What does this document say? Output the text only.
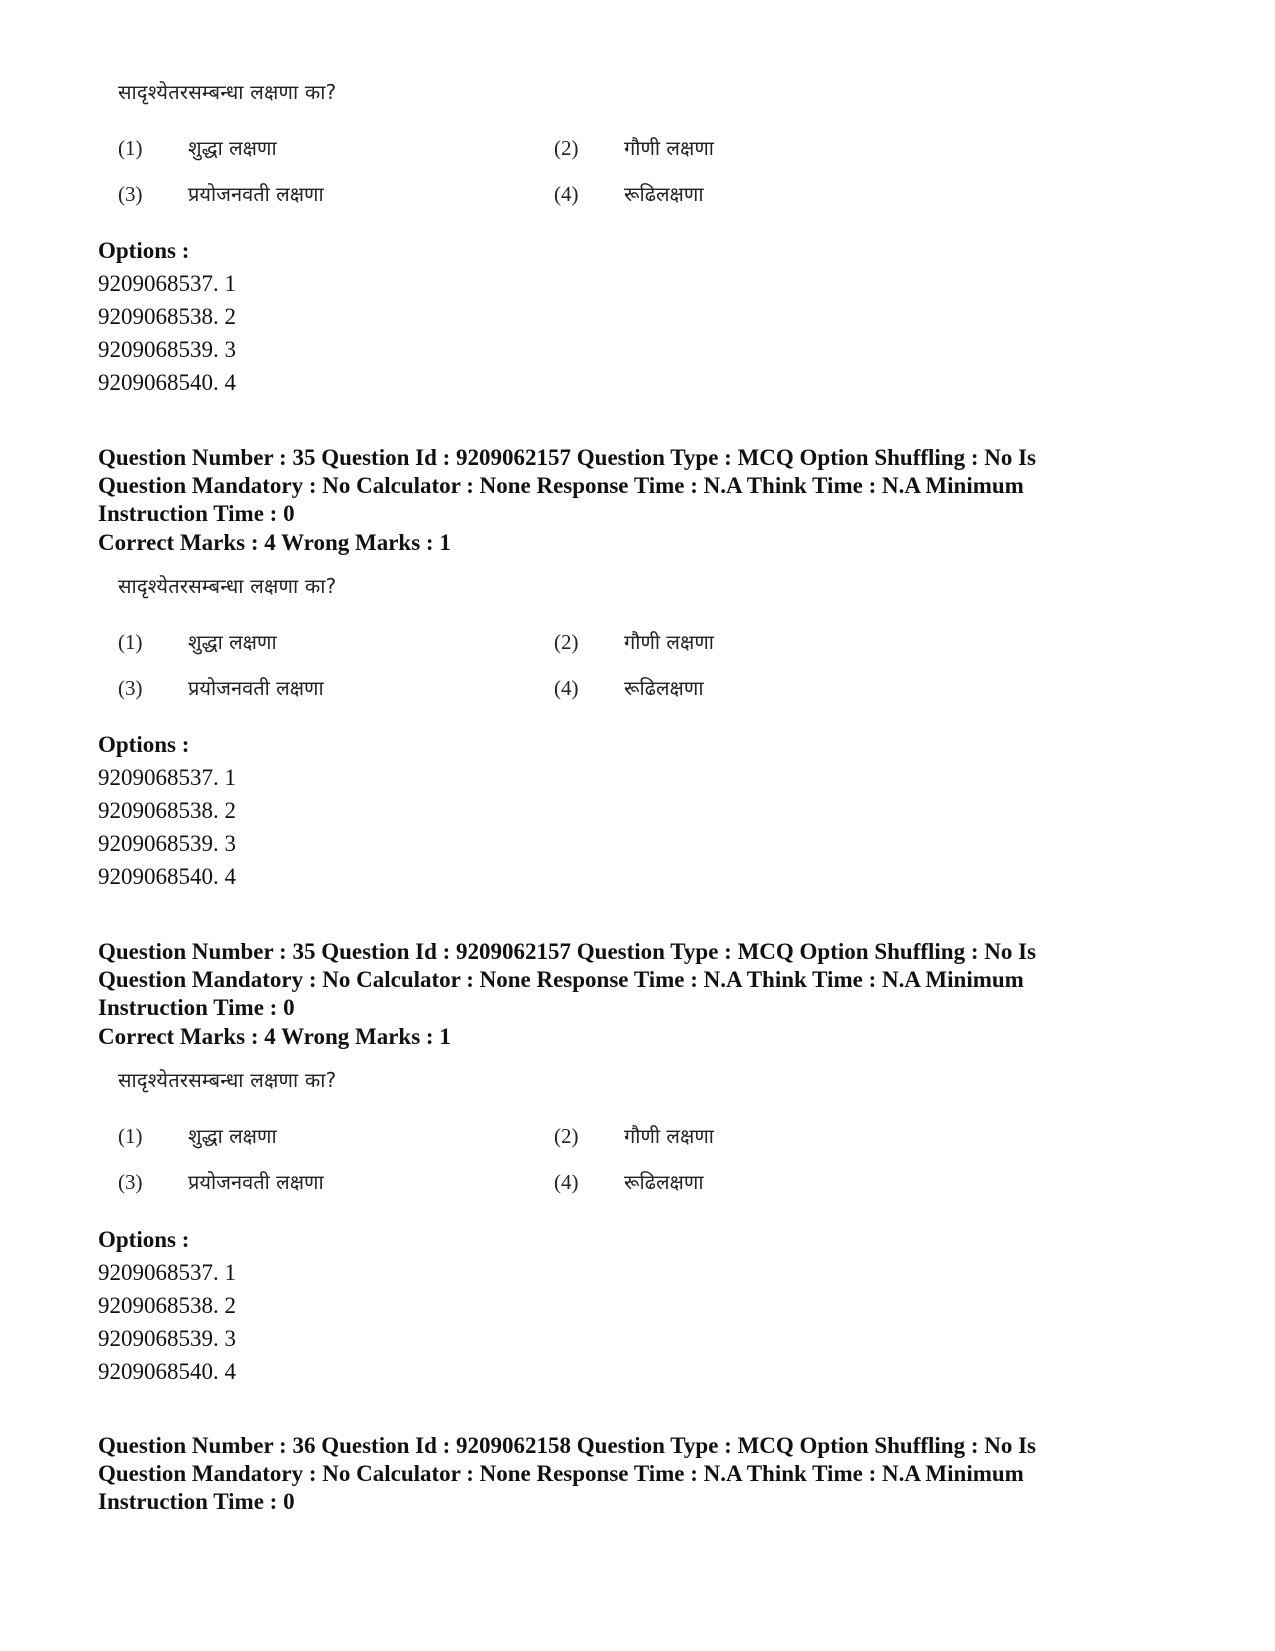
सादृश्येतरसम्बन्धा लक्षणा का?
(1) शुद्धा लक्षणा	(2) गौणी लक्षणा
(3) प्रयोजनवती लक्षणा	(4) रूढिलक्षणा
Options :
9209068537. 1
9209068538. 2
9209068539. 3
9209068540. 4
Question Number : 35 Question Id : 9209062157 Question Type : MCQ Option Shuffling : No Is
Question Mandatory : No Calculator : None Response Time : N.A Think Time : N.A Minimum
Instruction Time : 0
Correct Marks : 4 Wrong Marks : 1
सादृश्येतरसम्बन्धा लक्षणा का?
(1) शुद्धा लक्षणा	(2) गौणी लक्षणा
(3) प्रयोजनवती लक्षणा	(4) रूढिलक्षणा
Options :
9209068537. 1
9209068538. 2
9209068539. 3
9209068540. 4
Question Number : 35 Question Id : 9209062157 Question Type : MCQ Option Shuffling : No Is
Question Mandatory : No Calculator : None Response Time : N.A Think Time : N.A Minimum
Instruction Time : 0
Correct Marks : 4 Wrong Marks : 1
सादृश्येतरसम्बन्धा लक्षणा का?
(1) शुद्धा लक्षणा	(2) गौणी लक्षणा
(3) प्रयोजनवती लक्षणा	(4) रूढिलक्षणा
Options :
9209068537. 1
9209068538. 2
9209068539. 3
9209068540. 4
Question Number : 36 Question Id : 9209062158 Question Type : MCQ Option Shuffling : No Is
Question Mandatory : No Calculator : None Response Time : N.A Think Time : N.A Minimum
Instruction Time : 0
